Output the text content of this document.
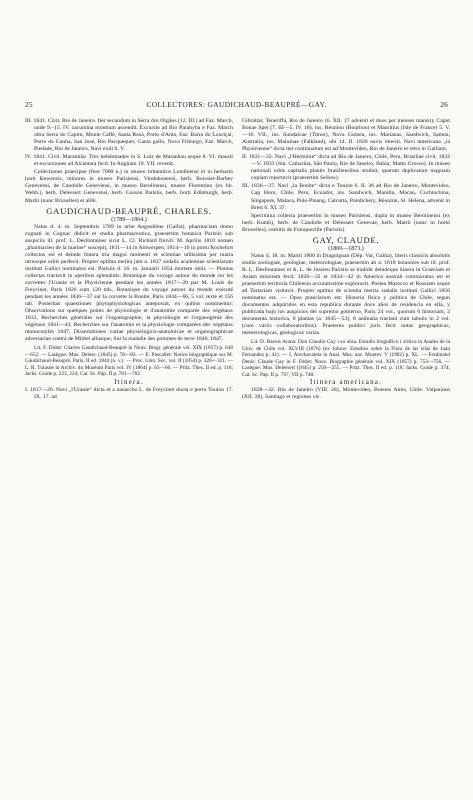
25	COLLECTORES: GAUDICHAUD-BEAUPRÉ—GAY.	26

III. 1841. Civit. Rio de Janeiro. Iter secundum in Serra dos Orgãos (12. III.) ad Faz. March, unde 9.–15. IV. cacumina montium ascendit. Excursio ad Rio Parahyba e Faz. March ultra Serra do Capim, Monte Caffé, Santa Rosa, Porto d'Anta, Faz. Barra do Louriçal, Porto da Cunha, San José, Rio Pacquequer, Canta gallo, Nova Friburgo, Faz. March, Piedade, Rio de Janeiro. Navi exiit 6. V.

IV. 1841. Civit. Maranhão. Tres hebdomades in S. Luiz de Maranhau usque 8. VI. mansit et excursiones ad Alcantara fecit. In Angliam 10. VII. revenit.

Collectiones praecipue (fere 7000 n.) in museo britannico Londinensi et in herbario horti Kewensis, minores in museo Parisiensi, Vindobonensi, herb. Boissier-Barbey Genevensi, de Candolle Genevensi, in museo Berolinensi, museo Florentino (ex hb. Webb.), herb. Delessert Genevensi, herb. Cosson Parisiis, herb. horti Edinburgh, herb. Martii (nunc Bruxelles) et alibi.

GAUDICHAUD-BEAUPRÉ, CHARLES.

(1789—1864.)

Natus d. 4. m. Septembris 1789 in urbe Angoulême (Gallia), pharmaciam domo cognati in Cognac didicit et studia pharmaceutica, praesertim botanica Parisiis sub auspiciis ill. prof. L. Desfontaines sicut L. Cl. Richard finivit. M. Aprilis 1810 nomen „pharmacien de la marine“ suscepit, 1811—14 in Antwerpen, 1814—16 in portu Rochefort collectus est et deinde itinera tria magni momenti et scientiae utilissima per maria utriusque orbis perfecit. Propter optima merita jam a. 1837 sodalis academiae scientiarum instituti Gallici nominatus est. Parisiis d. 16. m. Januarii 1854 mortem obiit. — Plantas collectas tractavit in operibus splendidis: Botanique du voyage autour du monde sur les corvettes l'Uranie et la Physicienne pendant les années 1817—20 par M. Louis de Freycinet, Paris 1826 cum 120 tab., Botanique du voyage autour du monde exécuté pendant les années 1836—37 sur la corvette la Bonite, Paris 1844—66, 5 vol. texte et 156 tab. Posteritas quaestiones phytophysiologicas anteposuit, ex quibus nominentur: Observations sur quelques points de physiologie et d'anatomie comparée des végétaux 1833, Recherches générales sur l'organographie, la physiologie et l'organogénie des végétaux 1841—43, Recherches sur l'anatomie et la physiologie comparées des végétaux monocotylés 1847, Dissertationes variae physiologico-anatomicae et organographicae adversariae contra de Mirbel allusque, Sur la maladie des pommes de terre 1846, 1847.

Lit. F. Didot: Charles Gaudichaud-Beaupré in Nouv. Biogr. générale vol. XIX (1857) p. 648—652. — Lasègue: Mus. Deless. (1845) p. 78—83. — E. Pascallet: Notice biographique sur M. Gaudichaud-Beaupré, Paris, II ed. 1844 (n. v.). — Proc. Linn. Soc. vol. II (1854) p. 320—321. — L. R. Tulasne in Archiv. du Muséum Paris vol. IV (1864) p. 65—66. — Pritz. Thes. II ed. p. 118; Jacks. Guide p. 223, 224; Cat. Sc. Pap. II p. 781—782.

Itinera.

I. 1817—20. Navi „l'Uranie“ dicta et a nauarcho L. de Freycinet ducta e portu Toulon 17. IX. 17. ad

Gibraltar, Teneriffa, Rio de Janeiro (6. XII. 17 advenit et duos per menses mansit), Caput Bonae Spei (7. III—5. IV. 18), ins. Réunion (Bourbon) et Mauritius (Isle de France) 5. V.—16. VII., ins. Sundaicae (Timor), Nova Guinea, ins. Marianas, Sandwich, Samoa, Australia, ins. Maluinae (Falkland), ubi 14. II. 1820 navis interiit. Navi americana „la Physicienne“ dicta iter continuatum est ad Montevideo, Rio de Janeiro et retro in Galliam.

II. 1831—33. Navi „l'Herminie“ dicta ad Rio de Janeiro, Chile, Peru, Brasiliae civit. 1832—V. 1833 (Sta. Catharina, São Paulo, Rio de Janeiro, Bahia, Matto Grosso). In museo nationali urbis capitalis plantis brasiliensibus studuit, quarum duplicatum magnam copiam reportavit (praesertim Sellow).

III. 1836—37. Navi „la Bonite“ dicta e Toulon 6. II. 36 ad Rio de Janeiro, Montevideo, Cap Horn, Chile, Peru, Ecuador, ins. Sandwich, Manilla, Macao, Cochinchina, Singapore, Malaca, Pulo-Pinang, Calcutta, Pondichéry, Réunion, St. Helena, advenit in Brest 6. XI. 37.

Specimina collecta praesertim in museo Parisiensi, dupla in museo Berolinensi (ex herb. Kunth), herb. de Candolle et Delessert Genevae, herb. Martii (nunc in horto Bruxelles), comitis de Franqueville (Parisiis).

GAY, CLAUDE.

(1800—1873.)

Natus d. 18. m. Martii 1800 in Draguignan (Dép. Var, Gallia), literis classicis absolutis studio zoologiae, geologiae, meteorologiae, praesertim ab a. 1818 botanices sub ill. prof. R. L. Desfontaines et A. L. de Jussieu Parisiis se tradidit deindeque itinera in Graeciam et Asiam minorem fecit. 1828—32 et 1834—42 in America australi commoratus est et praesertim territoria Chilensia accuratissime exploravit. Postea Marocco et Rossiam usque ad Tartariam visitavit. Propter optima de scientia merita sodalis instituti Gallici 1856 nominatus est. — Opus praeclarum est: Historia fisica y politica de Chile, segun documentos adquiridos en esta republica durante doce años de residencia en ella, y publicada bajo los auspicios del supremo gobierno, Paris 24 vol., quorum 6 historiam, 2 documenta historica, 8 plantas (a. 1845—53), 8 animalia tractant cum tabulis in 2 vol. (cum variis collaboratoribus). Praeterea publici juris fecit notas geographicas, meteorologicas, geologicas varias.

Lit. D. Barros Arana: Don Claudio Gay i su obra. Estudio biográfico i crítico in Anales de la Univ. de Chile vol. XLVIII (1876) (ex Johow: Estudios sobre la Flora de las islas de Juan Fernandez p. 41). — J. Arechavaleta in Anal. Mus. nac. Montev. V (1902) p. XL. — Ferdinand Denis: Claude Gay in F. Didot: Nouv. Biographie générale vol. XIX (1857) p. 753—756. — Lasègue: Mus. Delessert (1845) p. 250—255. — Pritz. Thes. II ed. p. 118; Jacks. Guide p. 374; Cat. Sc. Pap. II p. 797, VII p. 748.

Itinera americana.

1828—32. Rio de Janeiro (VIII. 28), Montevideo, Buenos Aires, Chile: Valparaiso (XII. 28), Santiago et regiones vic.
